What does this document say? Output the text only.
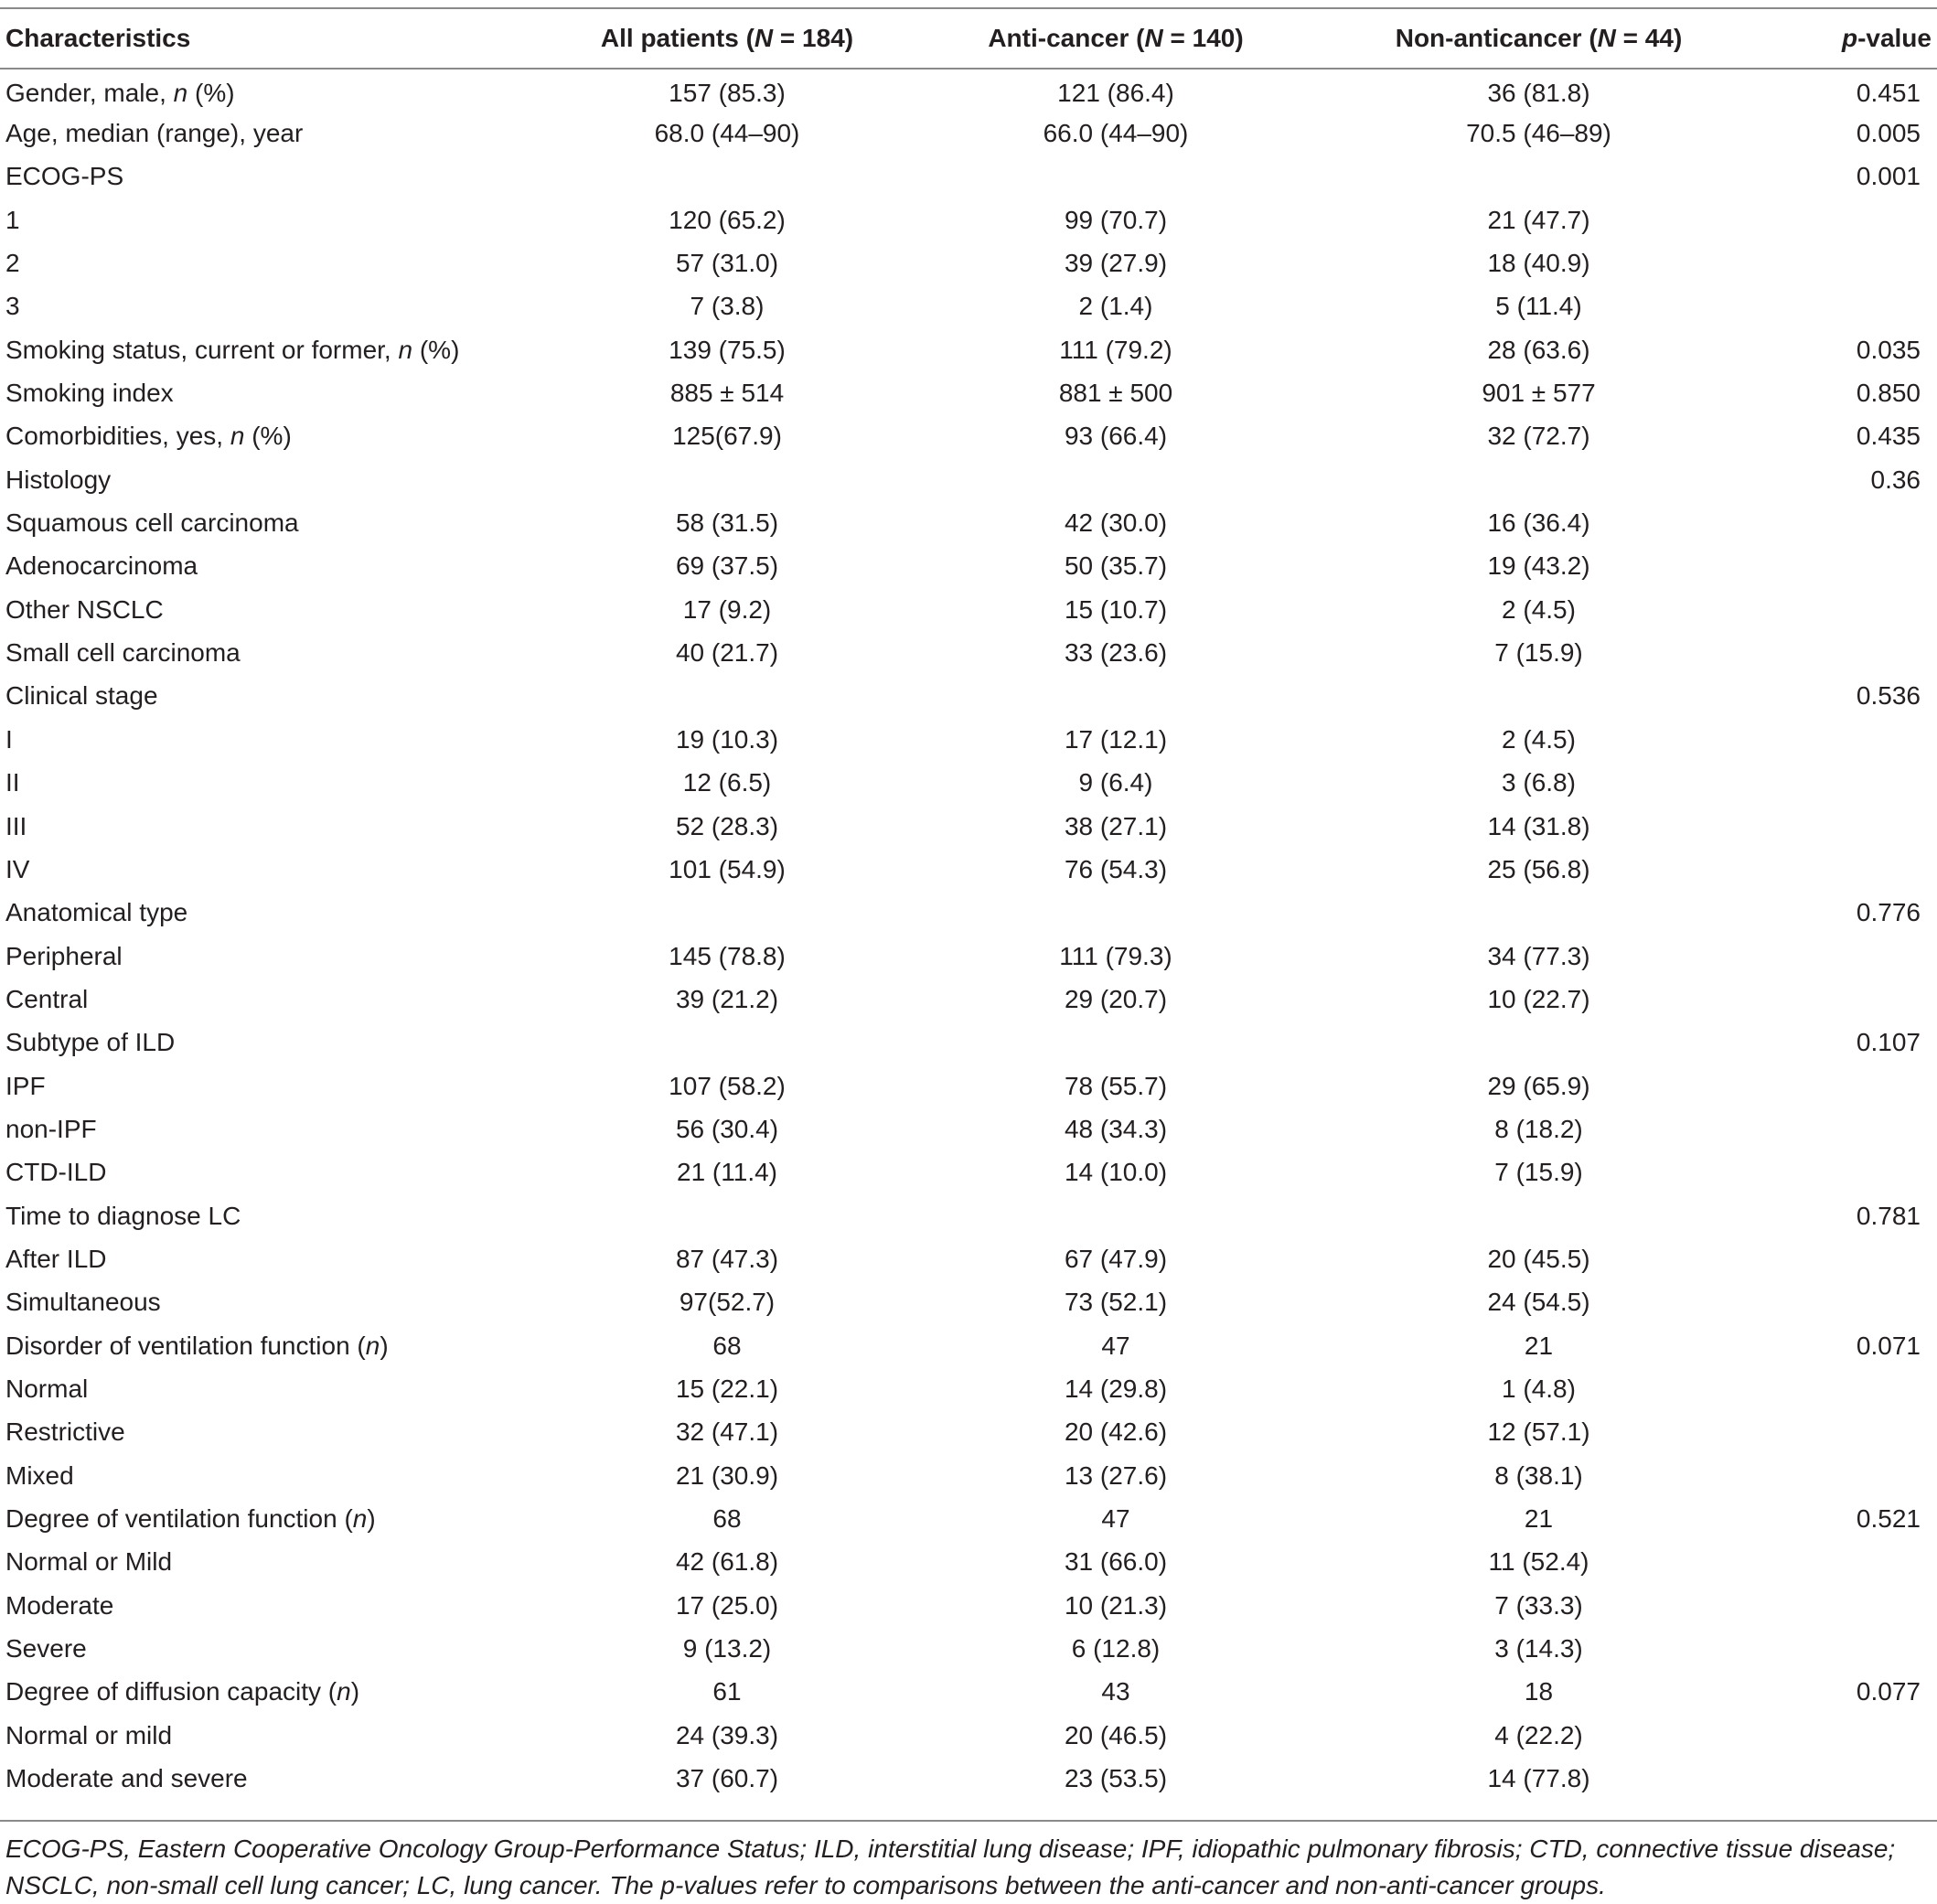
Characteristics	All patients (N = 184)	Anti-cancer (N = 140)	Non-anticancer (N = 44)	p-value
Gender, male, n (%)	157 (85.3)	121 (86.4)	36 (81.8)	0.451
Age, median (range), year	68.0 (44–90)	66.0 (44–90)	70.5 (46–89)	0.005
ECOG-PS				0.001
1	120 (65.2)	99 (70.7)	21 (47.7)	
2	57 (31.0)	39 (27.9)	18 (40.9)	
3	7 (3.8)	2 (1.4)	5 (11.4)	
Smoking status, current or former, n (%)	139 (75.5)	111 (79.2)	28 (63.6)	0.035
Smoking index	885 ± 514	881 ± 500	901 ± 577	0.850
Comorbidities, yes, n (%)	125(67.9)	93 (66.4)	32 (72.7)	0.435
Histology				0.36
Squamous cell carcinoma	58 (31.5)	42 (30.0)	16 (36.4)	
Adenocarcinoma	69 (37.5)	50 (35.7)	19 (43.2)	
Other NSCLC	17 (9.2)	15 (10.7)	2 (4.5)	
Small cell carcinoma	40 (21.7)	33 (23.6)	7 (15.9)	
Clinical stage				0.536
I	19 (10.3)	17 (12.1)	2 (4.5)	
II	12 (6.5)	9 (6.4)	3 (6.8)	
III	52 (28.3)	38 (27.1)	14 (31.8)	
IV	101 (54.9)	76 (54.3)	25 (56.8)	
Anatomical type				0.776
Peripheral	145 (78.8)	111 (79.3)	34 (77.3)	
Central	39 (21.2)	29 (20.7)	10 (22.7)	
Subtype of ILD				0.107
IPF	107 (58.2)	78 (55.7)	29 (65.9)	
non-IPF	56 (30.4)	48 (34.3)	8 (18.2)	
CTD-ILD	21 (11.4)	14 (10.0)	7 (15.9)	
Time to diagnose LC				0.781
After ILD	87 (47.3)	67 (47.9)	20 (45.5)	
Simultaneous	97(52.7)	73 (52.1)	24 (54.5)	
Disorder of ventilation function (n)	68	47	21	0.071
Normal	15 (22.1)	14 (29.8)	1 (4.8)	
Restrictive	32 (47.1)	20 (42.6)	12 (57.1)	
Mixed	21 (30.9)	13 (27.6)	8 (38.1)	
Degree of ventilation function (n)	68	47	21	0.521
Normal or Mild	42 (61.8)	31 (66.0)	11 (52.4)	
Moderate	17 (25.0)	10 (21.3)	7 (33.3)	
Severe	9 (13.2)	6 (12.8)	3 (14.3)	
Degree of diffusion capacity (n)	61	43	18	0.077
Normal or mild	24 (39.3)	20 (46.5)	4 (22.2)	
Moderate and severe	37 (60.7)	23 (53.5)	14 (77.8)	
ECOG-PS, Eastern Cooperative Oncology Group-Performance Status; ILD, interstitial lung disease; IPF, idiopathic pulmonary fibrosis; CTD, connective tissue disease; NSCLC, non-small cell lung cancer; LC, lung cancer. The p-values refer to comparisons between the anti-cancer and non-anti-cancer groups.
